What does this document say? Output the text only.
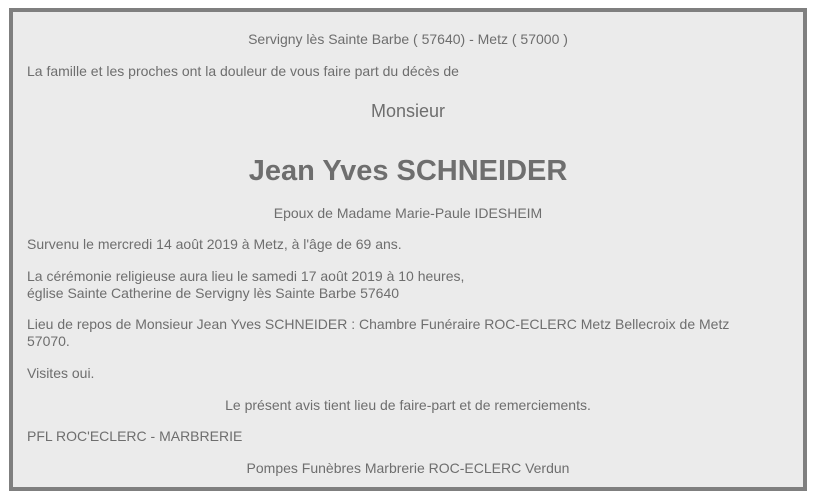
Servigny lès Sainte Barbe ( 57640) - Metz ( 57000 )
La famille et les proches ont la douleur de vous faire part du décès de
Monsieur
Jean Yves SCHNEIDER
Epoux de Madame Marie-Paule IDESHEIM
Survenu le mercredi 14 août 2019 à Metz, à l'âge de 69 ans.
La cérémonie religieuse aura lieu le samedi 17 août 2019 à 10 heures,
église Sainte Catherine de Servigny lès Sainte Barbe 57640
Lieu de repos de Monsieur Jean Yves SCHNEIDER : Chambre Funéraire ROC-ECLERC Metz Bellecroix de Metz
57070.
Visites oui.
Le présent avis tient lieu de faire-part et de remerciements.
PFL ROC'ECLERC - MARBRERIE
Pompes Funèbres Marbrerie ROC-ECLERC Verdun
